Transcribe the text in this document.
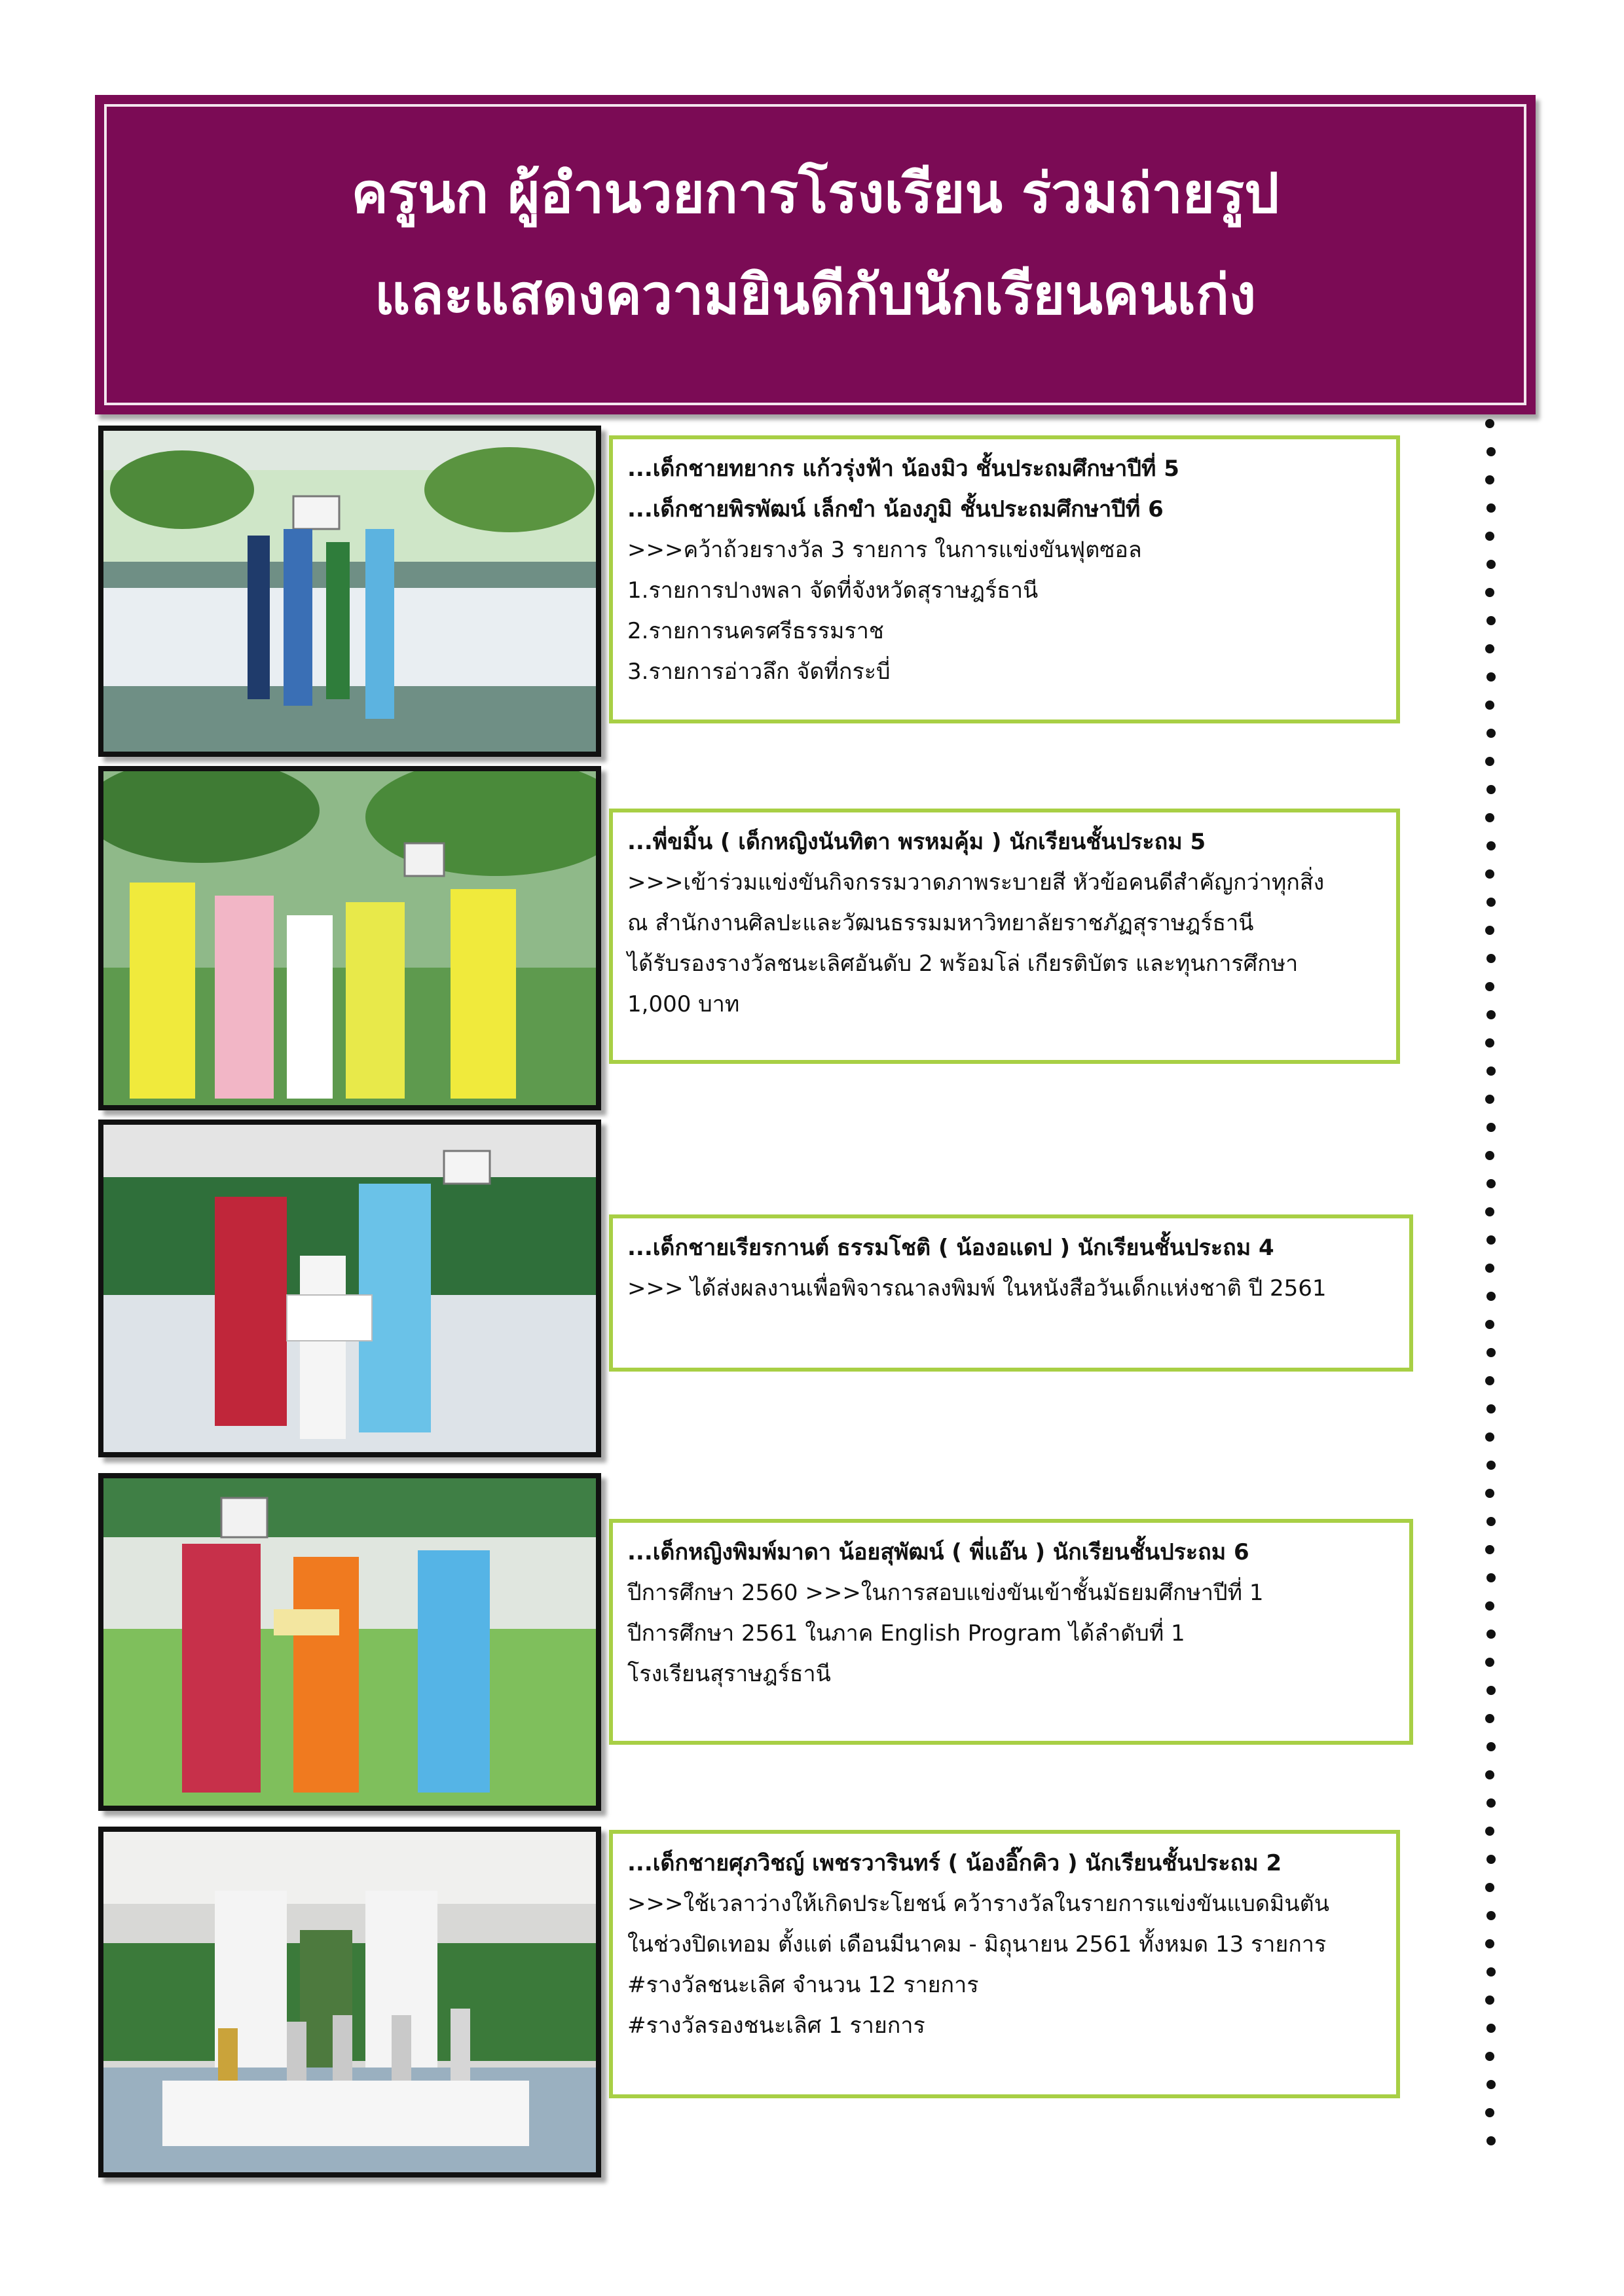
ครูนก ผู้อำนวยการโรงเรียน ร่วมถ่ายรูป
และแสดงความยินดีกับนักเรียนคนเก่ง

...เด็กชายทยากร แก้วรุ่งฟ้า น้องมิว ชั้นประถมศึกษาปีที่ 5

...เด็กชายพิรพัฒน์ เล็กขำ น้องภูมิ ชั้นประถมศึกษาปีที่ 6

>>>คว้าถ้วยรางวัล 3 รายการ ในการแข่งขันฟุตซอล

1.รายการปางพลา จัดที่จังหวัดสุราษฎร์ธานี

2.รายการนครศรีธรรมราช

3.รายการอ่าวลึก จัดที่กระบี่

...พี่ขมิ้น ( เด็กหญิงนันทิตา พรหมคุ้ม ) นักเรียนชั้นประถม 5

>>>เข้าร่วมแข่งขันกิจกรรมวาดภาพระบายสี หัวข้อคนดีสำคัญกว่าทุกสิ่ง

ณ สำนักงานศิลปะและวัฒนธรรมมหาวิทยาลัยราชภัฏสุราษฎร์ธานี

ได้รับรองรางวัลชนะเลิศอันดับ 2 พร้อมโล่ เกียรติบัตร และทุนการศึกษา

1,000 บาท

...เด็กชายเรียรกานต์ ธรรมโชติ ( น้องอแดป ) นักเรียนชั้นประถม 4

>>> ได้ส่งผลงานเพื่อพิจารณาลงพิมพ์ ในหนังสือวันเด็กแห่งชาติ ปี 2561

...เด็กหญิงพิมพ์มาดา น้อยสุพัฒน์ ( พี่แอ๊น ) นักเรียนชั้นประถม 6

ปีการศึกษา 2560 >>>ในการสอบแข่งขันเข้าชั้นมัธยมศึกษาปีที่ 1

ปีการศึกษา 2561 ในภาค English Program ได้ลำดับที่ 1

โรงเรียนสุราษฎร์ธานี

...เด็กชายศุภวิชญ์ เพชรวารินทร์ ( น้องอิ๊กคิว ) นักเรียนชั้นประถม 2

>>>ใช้เวลาว่างให้เกิดประโยชน์ คว้ารางวัลในรายการแข่งขันแบดมินตัน

ในช่วงปิดเทอม ตั้งแต่ เดือนมีนาคม - มิถุนายน 2561 ทั้งหมด 13 รายการ

#รางวัลชนะเลิศ จำนวน 12 รายการ

#รางวัลรองชนะเลิศ 1 รายการ
